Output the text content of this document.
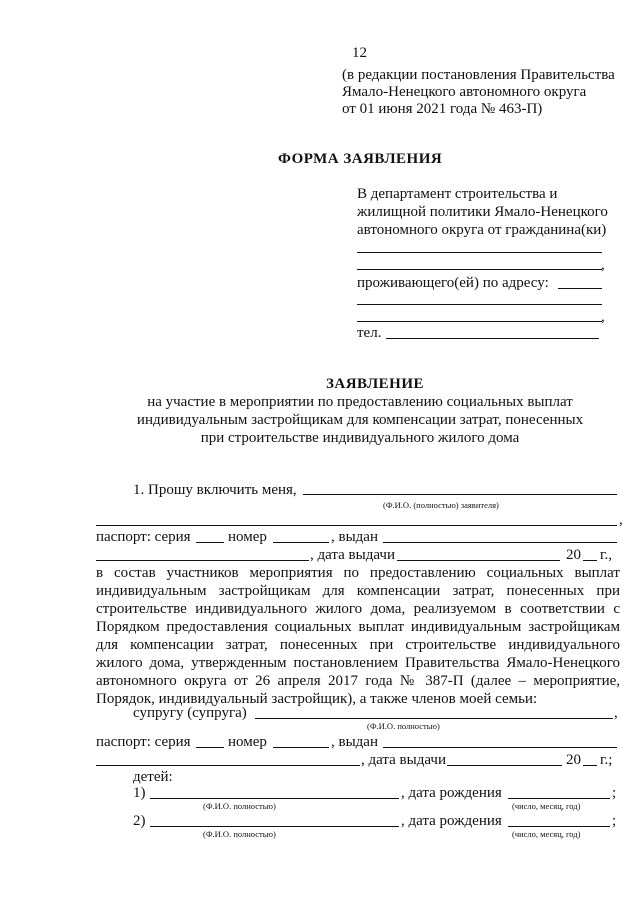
12
(в редакции постановления Правительства
Ямало-Ненецкого автономного округа
от 01 июня 2021 года № 463-П)
ФОРМА ЗАЯВЛЕНИЯ
В департамент строительства и
жилищной политики Ямало-Ненецкого
автономного округа от гражданина(ки)
,
проживающего(ей) по адресу:
,
тел.
ЗАЯВЛЕНИЕ
на участие в мероприятии по предоставлению социальных выплат
индивидуальным застройщикам для компенсации затрат, понесенных
при строительстве индивидуального жилого дома
1. Прошу включить меня,
(Ф.И.О. (полностью) заявителя)
,
паспорт: серия номер	, выдан
, дата выдачи	20 г.,
в состав участников мероприятия по предоставлению социальных выплат
индивидуальным застройщикам для компенсации затрат, понесенных при
строительстве индивидуального жилого дома, реализуемом в соответствии с
Порядком предоставления социальных выплат индивидуальным застройщикам
для компенсации затрат, понесенных при строительстве индивидуального
жилого дома, утвержденным постановлением Правительства Ямало-Ненецкого
автономного округа от 26 апреля 2017 года № 387-П (далее – мероприятие,
Порядок, индивидуальный застройщик), а также членов моей семьи:
супругу (супруга)	,
(Ф.И.О. полностью)
паспорт: серия номер	, выдан
, дата выдачи	20 г.;
детей:
1)	, дата рождения	;
(Ф.И.О. полностью)	(число, месяц, год)
2)	, дата рождения	;
(Ф.И.О. полностью)	(число, месяц, год)
